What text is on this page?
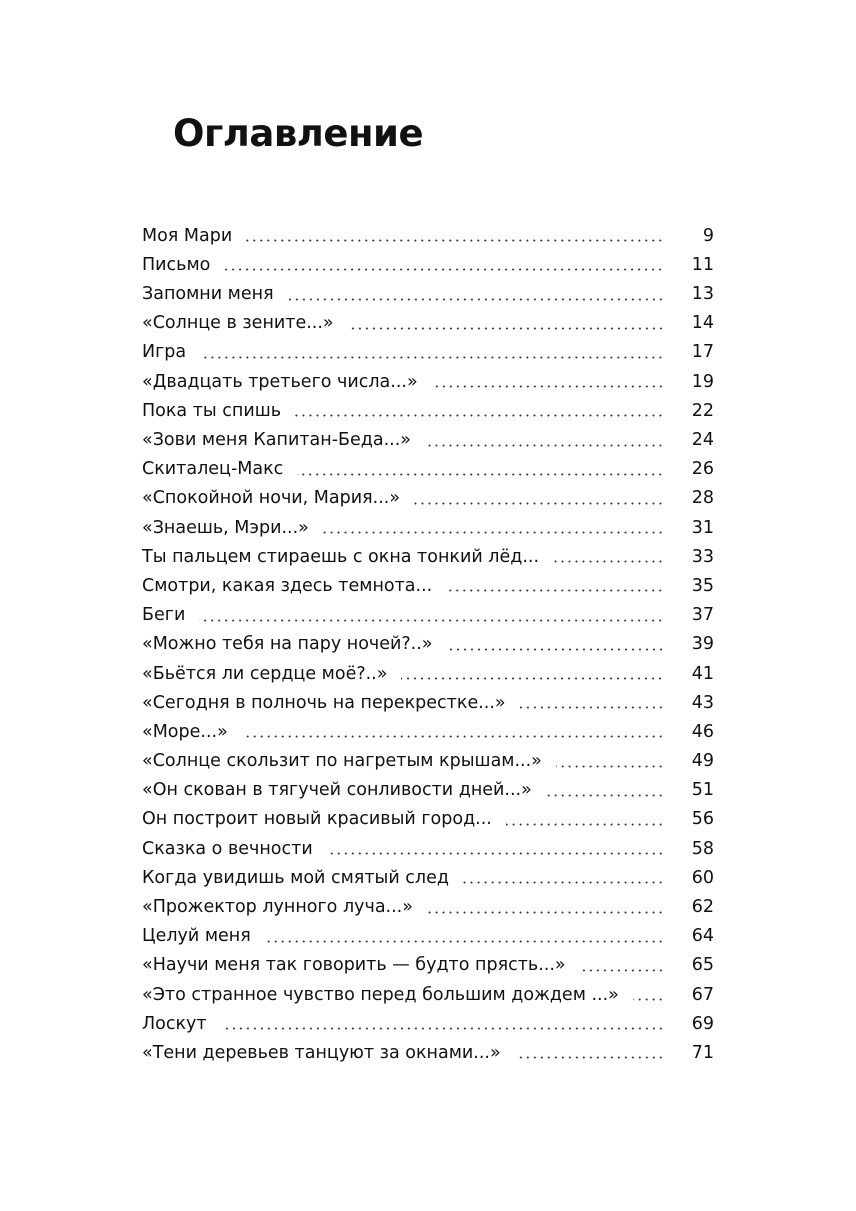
Оглавление
Моя Мари	9
Письмо	11
Запомни меня	13
«Солнце в зените...»	14
Игра	17
«Двадцать третьего числа...»	19
Пока ты спишь	22
«Зови меня Капитан-Беда...»	24
Скиталец-Макс	26
«Спокойной ночи, Мария...»	28
«Знаешь, Мэри...»	31
Ты пальцем стираешь с окна тонкий лёд...	33
Смотри, какая здесь темнота...	35
Беги	37
«Можно тебя на пару ночей?..»	39
«Бьётся ли сердце моё?..»	41
«Сегодня в полночь на перекрестке...»	43
«Море...»	46
«Солнце скользит по нагретым крышам...»	49
«Он скован в тягучей сонливости дней...»	51
Он построит новый красивый город...	56
Сказка о вечности	58
Когда увидишь мой смятый след	60
«Прожектор лунного луча...»	62
Целуй меня	64
«Научи меня так говорить — будто прясть...»	65
«Это странное чувство перед большим дождем ...»	67
Лоскут	69
«Тени деревьев танцуют за окнами...»	71
